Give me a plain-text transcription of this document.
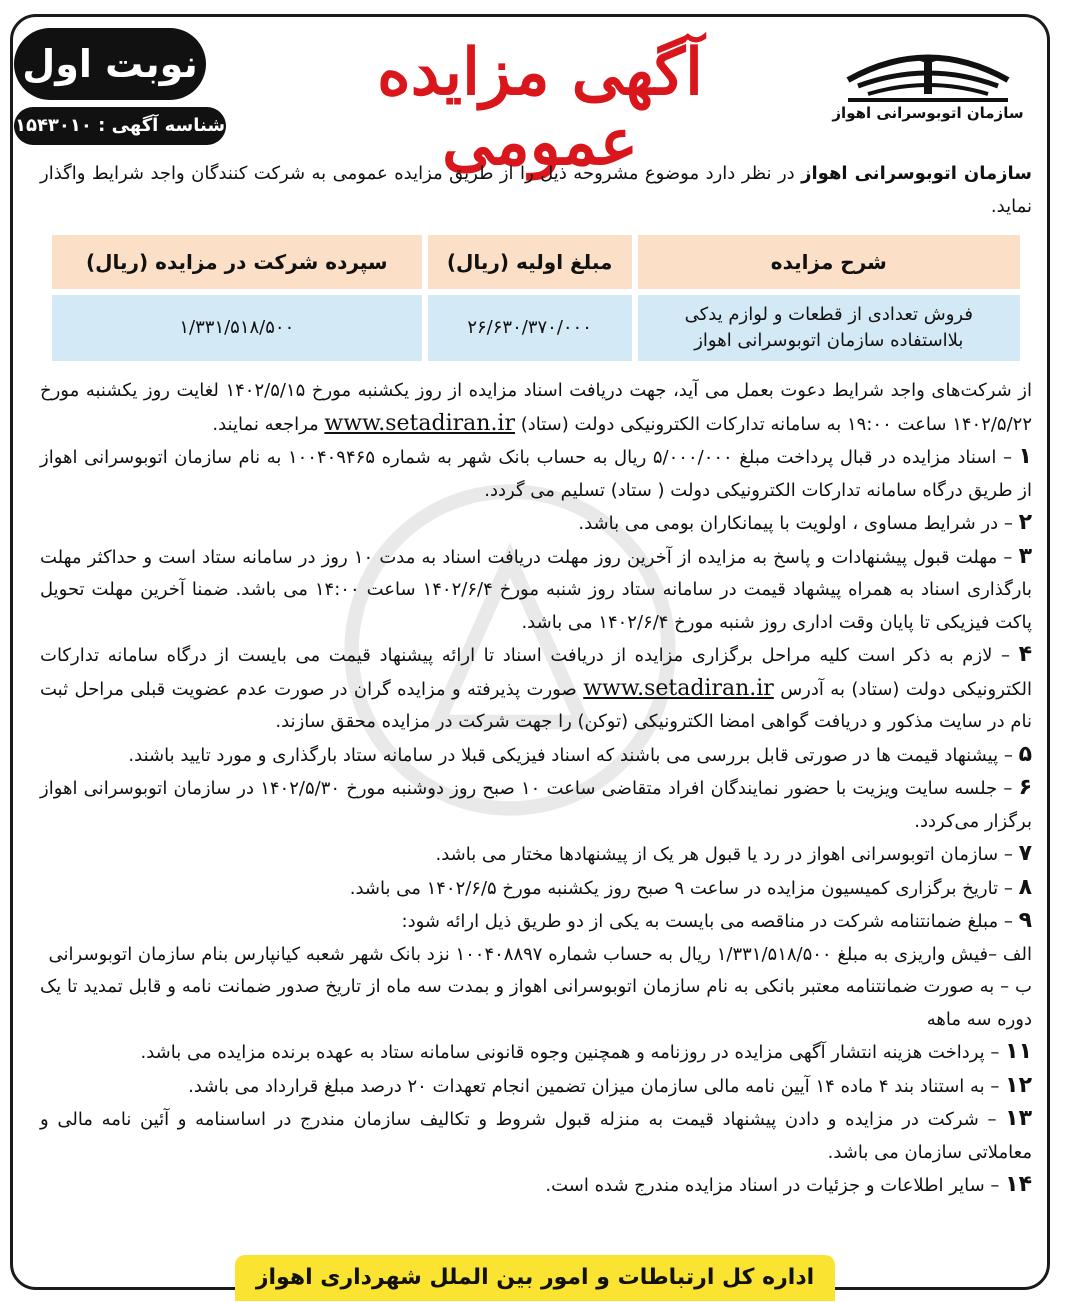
سازمان اتوبوسرانی اهواز
آگهی مزایده عمومی
نوبت اول
شناسه آگهی : ۱۵۴۳۰۱۰

سازمان اتوبوسرانی اهواز در نظر دارد موضوع مشروحه ذیل را از طریق مزایده عمومی به شرکت کنندگان واجد شرایط واگذار نماید.

شرح مزایده	مبلغ اولیه (ریال)	سپرده شرکت در مزایده (ریال)
فروش تعدادی از قطعات و لوازم یدکی بلااستفاده سازمان اتوبوسرانی اهواز	۲۶/۶۳۰/۳۷۰/۰۰۰	۱/۳۳۱/۵۱۸/۵۰۰

از شرکت‌های واجد شرایط دعوت بعمل می آید، جهت دریافت اسناد مزایده از روز یکشنبه مورخ ۱۴۰۲/۵/۱۵ لغایت روز یکشنبه مورخ ۱۴۰۲/۵/۲۲ ساعت ۱۹:۰۰ به سامانه تدارکات الکترونیکی دولت (ستاد) www.setadiran.ir مراجعه نمایند.

۱ – اسناد مزایده در قبال پرداخت مبلغ ۵/۰۰۰/۰۰۰ ریال به حساب بانک شهر به شماره ۱۰۰۴۰۹۴۶۵ به نام سازمان اتوبوسرانی اهواز از طریق درگاه سامانه تدارکات الکترونیکی دولت ( ستاد) تسلیم می گردد.

۲ – در شرایط مساوی ، اولویت با پیمانکاران بومی می باشد.

۳ – مهلت قبول پیشنهادات و پاسخ به مزایده از آخرین روز مهلت دریافت اسناد به مدت ۱۰ روز در سامانه ستاد است و حداکثر مهلت بارگذاری اسناد به همراه پیشهاد قیمت در سامانه ستاد روز شنبه مورخ ۱۴۰۲/۶/۴ ساعت ۱۴:۰۰ می باشد. ضمنا آخرین مهلت تحویل پاکت فیزیکی تا پایان وقت اداری روز شنبه مورخ ۱۴۰۲/۶/۴ می باشد.

۴ – لازم به ذکر است کلیه مراحل برگزاری مزایده از دریافت اسناد تا ارائه پیشنهاد قیمت می بایست از درگاه سامانه تدارکات الکترونیکی دولت (ستاد) به آدرس www.setadiran.ir صورت پذیرفته و مزایده گران در صورت عدم عضویت قبلی مراحل ثبت نام در سایت مذکور و دریافت گواهی امضا الکترونیکی (توکن) را جهت شرکت در مزایده محقق سازند.

۵ – پیشنهاد قیمت ها در صورتی قابل بررسی می باشند که اسناد فیزیکی قبلا در سامانه ستاد بارگذاری و مورد تایید باشند.

۶ – جلسه سایت ویزیت با حضور نمایندگان افراد متقاضی ساعت ۱۰ صبح روز دوشنبه مورخ ۱۴۰۲/۵/۳۰ در سازمان اتوبوسرانی اهواز برگزار می‌کردد.

۷ – سازمان اتوبوسرانی اهواز در رد یا قبول هر یک از پیشنهادها مختار می باشد.

۸ – تاریخ برگزاری کمیسیون مزایده در ساعت ۹ صبح روز یکشنبه مورخ ۱۴۰۲/۶/۵ می باشد.

۹ – مبلغ ضمانتنامه شرکت در مناقصه می بایست به یکی از دو طریق ذیل ارائه شود:

الف –فیش واریزی به مبلغ ۱/۳۳۱/۵۱۸/۵۰۰ ریال به حساب شماره ۱۰۰۴۰۸۸۹۷ نزد بانک شهر شعبه کیانپارس بنام سازمان اتوبوسرانی

ب – به صورت ضمانتنامه معتبر بانکی به نام سازمان اتوبوسرانی اهواز و بمدت سه ماه از تاریخ صدور ضمانت نامه و قابل تمدید تا یک دوره سه ماهه

۱۱ – پرداخت هزینه انتشار آگهی مزایده در روزنامه و همچنین وجوه قانونی سامانه ستاد به عهده برنده مزایده می باشد.

۱۲ – به استناد بند ۴ ماده ۱۴ آیین نامه مالی سازمان میزان تضمین انجام تعهدات ۲۰ درصد مبلغ قرارداد می باشد.

۱۳ – شرکت در مزایده و دادن پیشنهاد قیمت به منزله قبول شروط و تکالیف سازمان مندرج در اساسنامه و آئین نامه مالی و معاملاتی سازمان می باشد.

۱۴ – سایر اطلاعات و جزئیات در اسناد مزایده مندرج شده است.

اداره کل ارتباطات و امور بین الملل شهرداری اهواز
